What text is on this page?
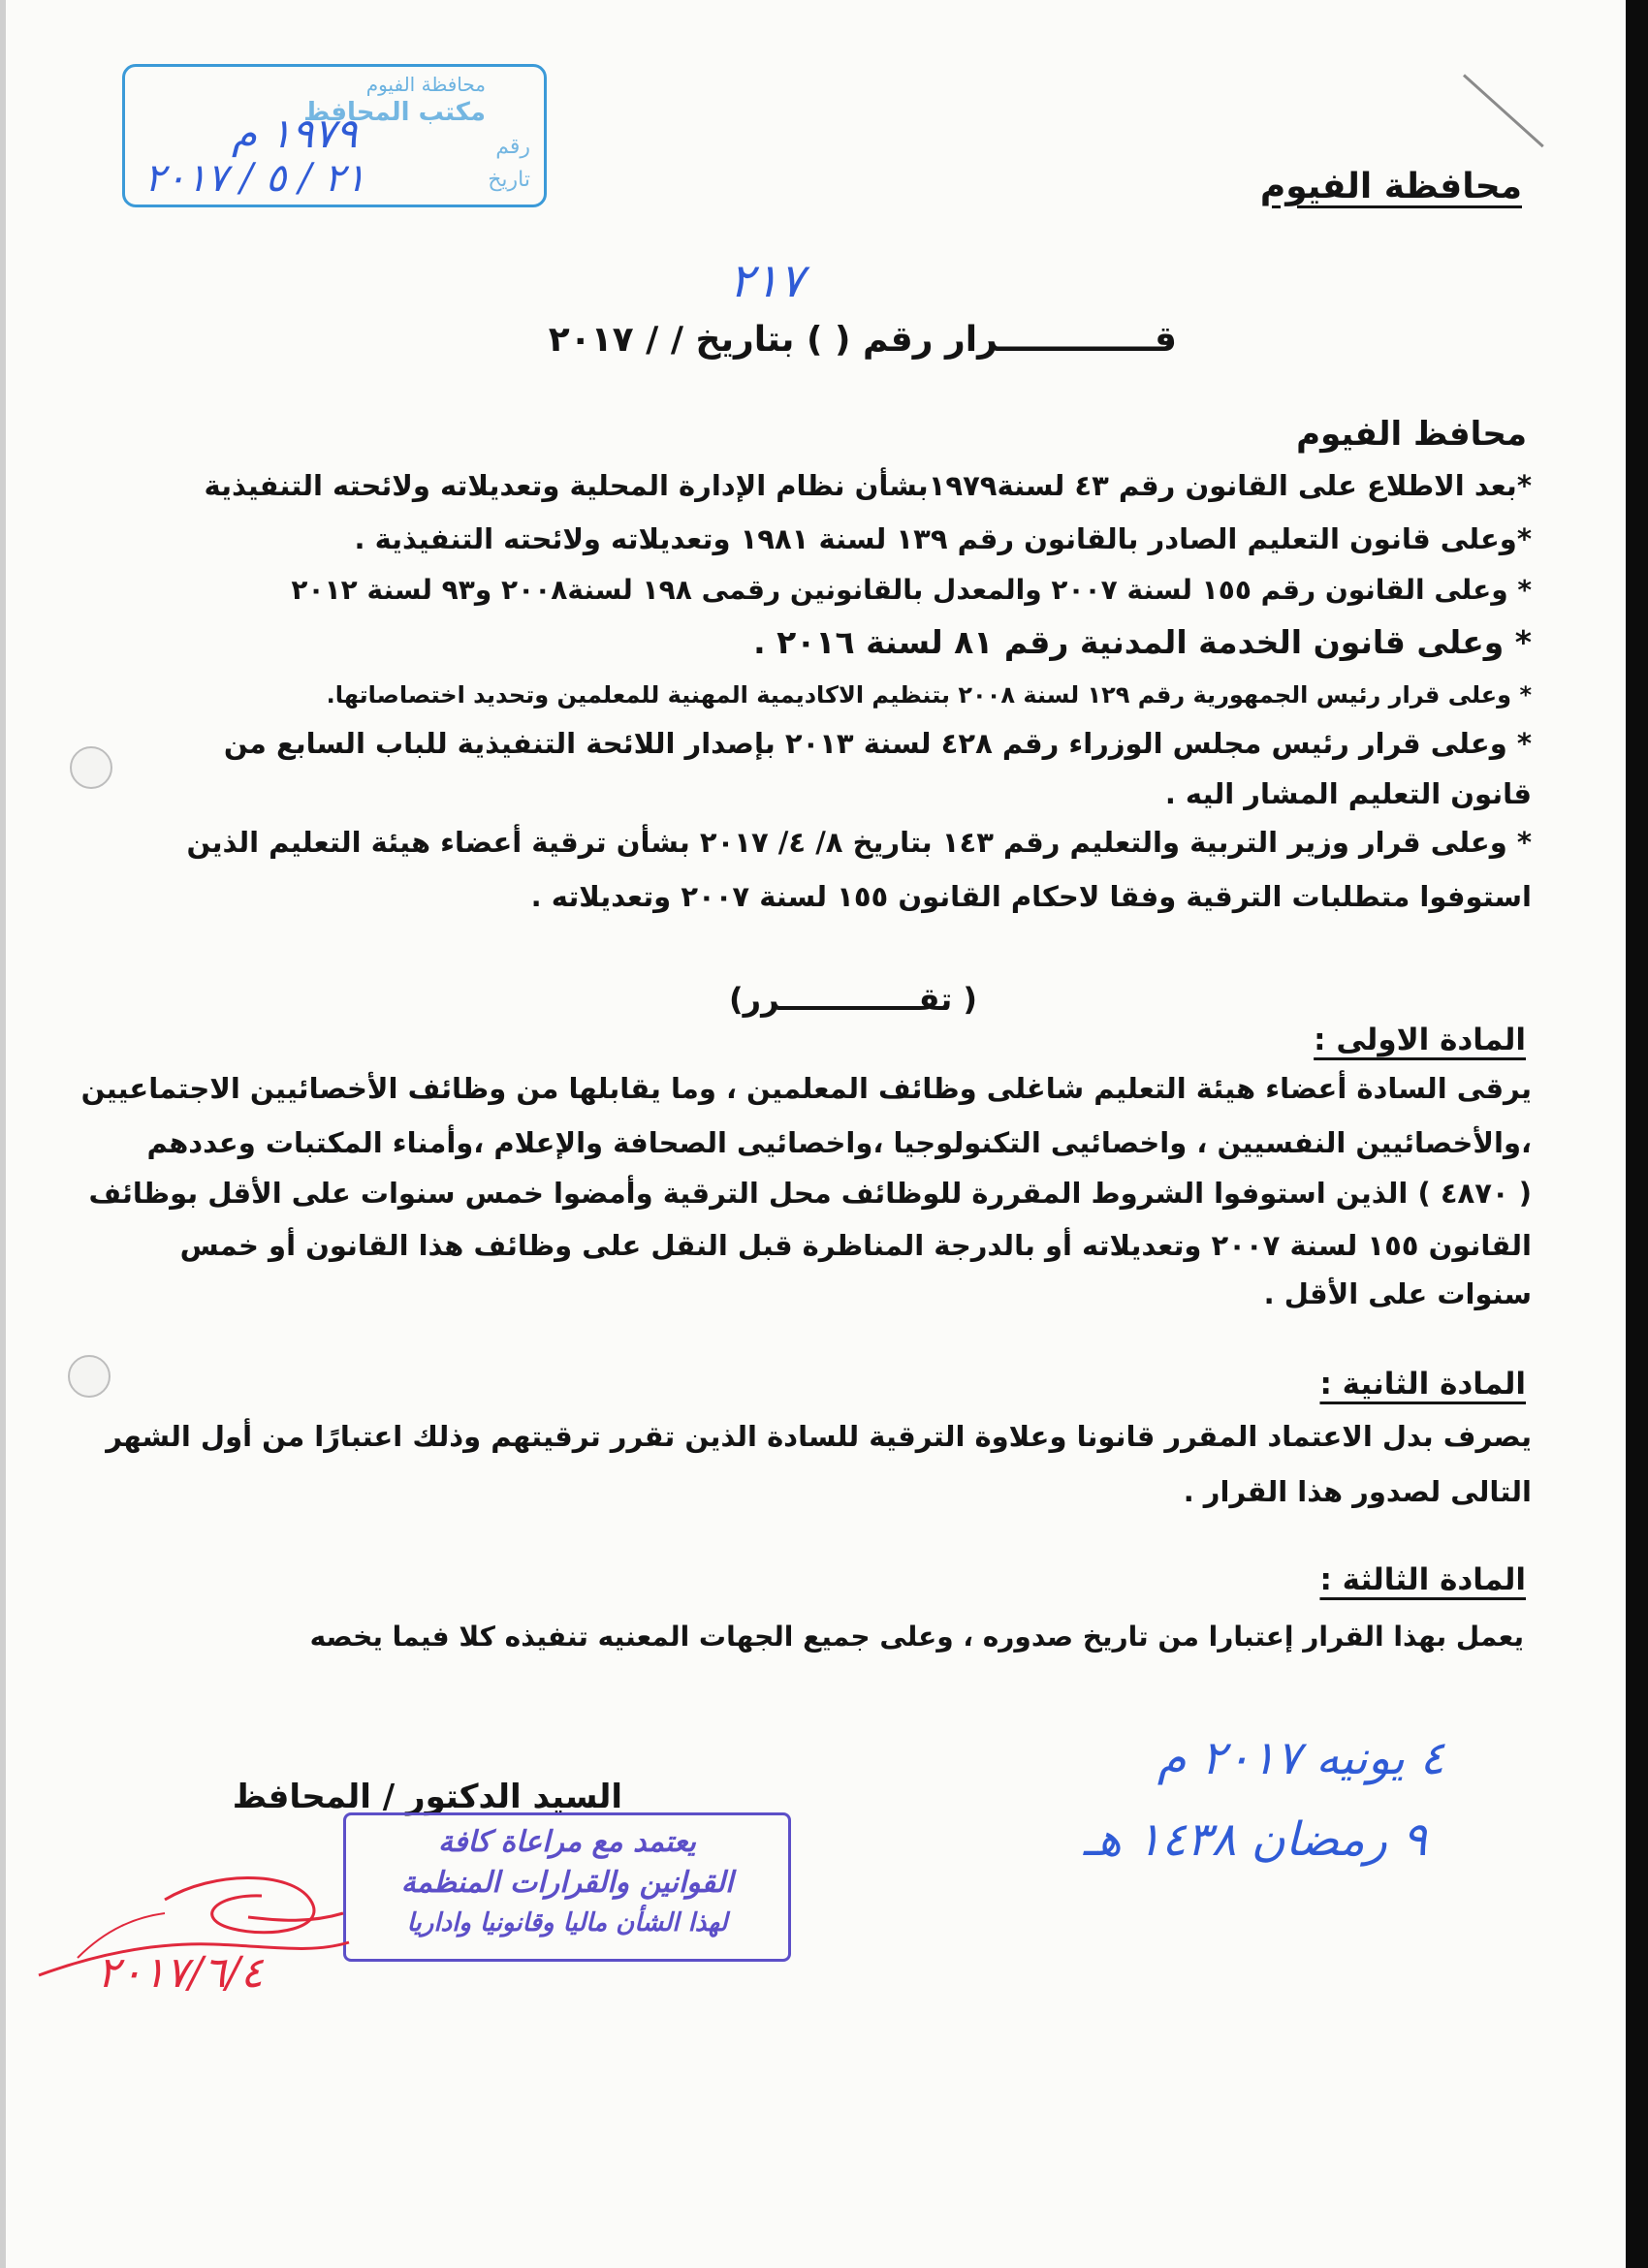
محافظة الفيوم
مكتب المحافظ
رقم
تاريخ
١٩٧٩ م
٢١ / ٥ / ٢٠١٧	محافظة الفيوم
٢١٧
قـــــــــــــرار رقم ( ) بتاريخ / / ٢٠١٧
محافظ الفيوم
*بعد الاطلاع على القانون رقم ٤٣ لسنة١٩٧٩بشأن نظام الإدارة المحلية وتعديلاته ولائحته التنفيذية
*وعلى قانون التعليم الصادر بالقانون رقم ١٣٩ لسنة ١٩٨١ وتعديلاته ولائحته التنفيذية .
* وعلى القانون رقم ١٥٥ لسنة ٢٠٠٧ والمعدل بالقانونين رقمى ١٩٨ لسنة٢٠٠٨ و٩٣ لسنة ٢٠١٢
* وعلى قانون الخدمة المدنية رقم ٨١ لسنة ٢٠١٦ .
* وعلى قرار رئيس الجمهورية رقم ١٢٩ لسنة ٢٠٠٨ بتنظيم الاكاديمية المهنية للمعلمين وتحديد اختصاصاتها.
* وعلى قرار رئيس مجلس الوزراء رقم ٤٢٨ لسنة ٢٠١٣ بإصدار اللائحة التنفيذية للباب السابع من
قانون التعليم المشار اليه .
* وعلى قرار وزير التربية والتعليم رقم ١٤٣ بتاريخ ٨/ ٤/ ٢٠١٧ بشأن ترقية أعضاء هيئة التعليم الذين
استوفوا متطلبات الترقية وفقا لاحكام القانون ١٥٥ لسنة ٢٠٠٧ وتعديلاته .
( تقـــــــــــــرر)
المادة الاولى :
يرقى السادة أعضاء هيئة التعليم شاغلى وظائف المعلمين ، وما يقابلها من وظائف الأخصائيين الاجتماعيين
،والأخصائيين النفسيين ، واخصائيى التكنولوجيا ،واخصائيى الصحافة والإعلام ،وأمناء المكتبات وعددهم
( ٤٨٧٠ ) الذين استوفوا الشروط المقررة للوظائف محل الترقية وأمضوا خمس سنوات على الأقل بوظائف
القانون ١٥٥ لسنة ٢٠٠٧ وتعديلاته أو بالدرجة المناظرة قبل النقل على وظائف هذا القانون أو خمس
سنوات على الأقل .
المادة الثانية :
يصرف بدل الاعتماد المقرر قانونا وعلاوة الترقية للسادة الذين تقرر ترقيتهم وذلك اعتبارًا من أول الشهر
التالى لصدور هذا القرار .
المادة الثالثة :
يعمل بهذا القرار إعتبارا من تاريخ صدوره ، وعلى جميع الجهات المعنيه تنفيذه كلا فيما يخصه
٤ يونيه ٢٠١٧ م
٩ رمضان ١٤٣٨ هـ
السيد الدكتور / المحافظ
يعتمد مع مراعاة كافة
القوانين والقرارات المنظمة
لهذا الشأن ماليا وقانونيا واداريا
٢٠١٧/٦/٤
